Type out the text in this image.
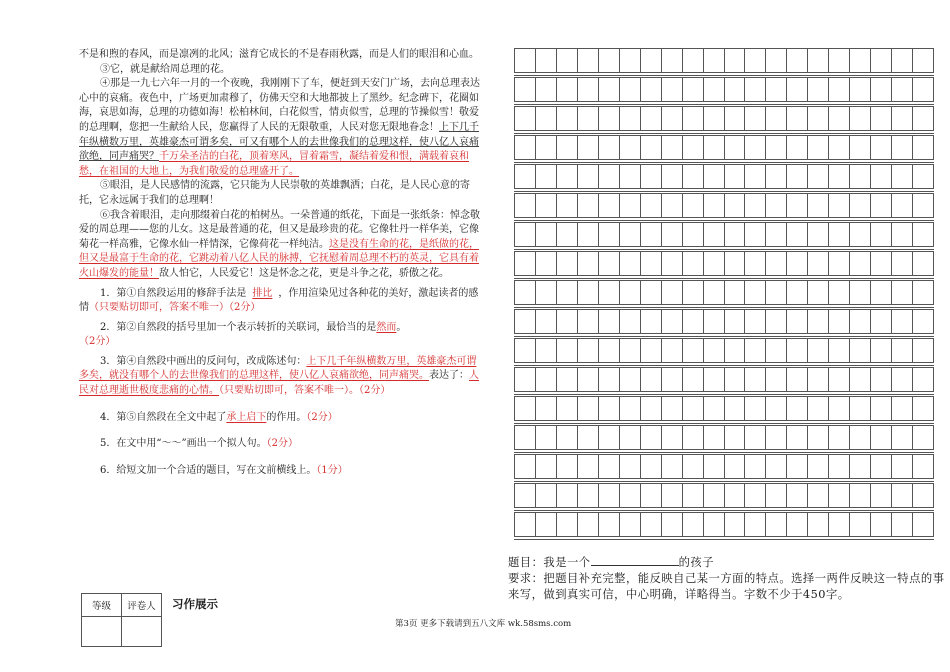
不是和煦的春风，而是凛冽的北风；滋育它成长的不是春雨秋露，而是人们的眼泪和心血。

③它，就是献给周总理的花。

④那是一九七六年一月的一个夜晚，我刚刚下了车，便赶到天安门广场，去向总理表达心中的哀痛。夜色中，广场更加肃穆了，仿佛天空和大地都披上了黑纱。纪念碑下，花圈如海，哀思如海，总理的功德如海！松柏林间，白花似雪，情贞似雪，总理的节操似雪！敬爱的总理啊，您把一生献给人民，您赢得了人民的无限敬重，人民对您无限地眷念！上下几千年纵横数万里，英雄豪杰可谓多矣，可又有哪个人的去世像我们的总理这样，使八亿人哀痛欲绝，同声痛哭？千万朵圣洁的白花，顶着寒风，冒着霜雪，凝结着爱和恨，满载着哀和愁，在祖国的大地上，为我们敬爱的总理盛开了。

⑤眼泪，是人民感情的流露，它只能为人民崇敬的英雄飘洒；白花，是人民心意的寄托，它永远属于我们的总理啊！

⑥我含着眼泪，走向那缀着白花的柏树丛。一朵普通的纸花，下面是一张纸条：悼念敬爱的周总理——您的儿女。这是最普通的花，但又是最珍贵的花。它像牡丹一样华美，它像菊花一样高雅，它像水仙一样情深，它像荷花一样纯洁。这是没有生命的花，是纸做的花，但又是最富于生命的花，它跳动着八亿人民的脉搏，它抚慰着周总理不朽的英灵，它具有着火山爆发的能量！敌人怕它，人民爱它！这是怀念之花，更是斗争之花，骄傲之花。

1．第①自然段运用的修辞手法是 排比 ，作用渲染见过各种花的美好，激起读者的感情（只要贴切即可，答案不唯一）（2分）

2．第②自然段的括号里加一个表示转折的关联词，最恰当的是然而。
（2分）

3．第④自然段中画出的反问句，改成陈述句：上下几千年纵横数万里，英雄豪杰可谓多矣，就没有哪个人的去世像我们的总理这样，使八亿人哀痛欲绝，同声痛哭。表达了：人民对总理逝世极度悲痛的心情。（只要贴切即可，答案不唯一）。（2分）

4．第⑤自然段在全文中起了承上启下的作用。（2分）

5．在文中用“～～”画出一个拟人句。（2分）

6．给短文加一个合适的题目，写在文前横线上。（1分）

题目：我是一个	的孩子

要求：把题目补充完整，能反映自己某一方面的特点。选择一两件反映这一特点的事来写，做到真实可信，中心明确，详略得当。字数不少于450字。

等级	评卷人
	习作展示
第3页 更多下载请到五八文库 wk.58sms.com
